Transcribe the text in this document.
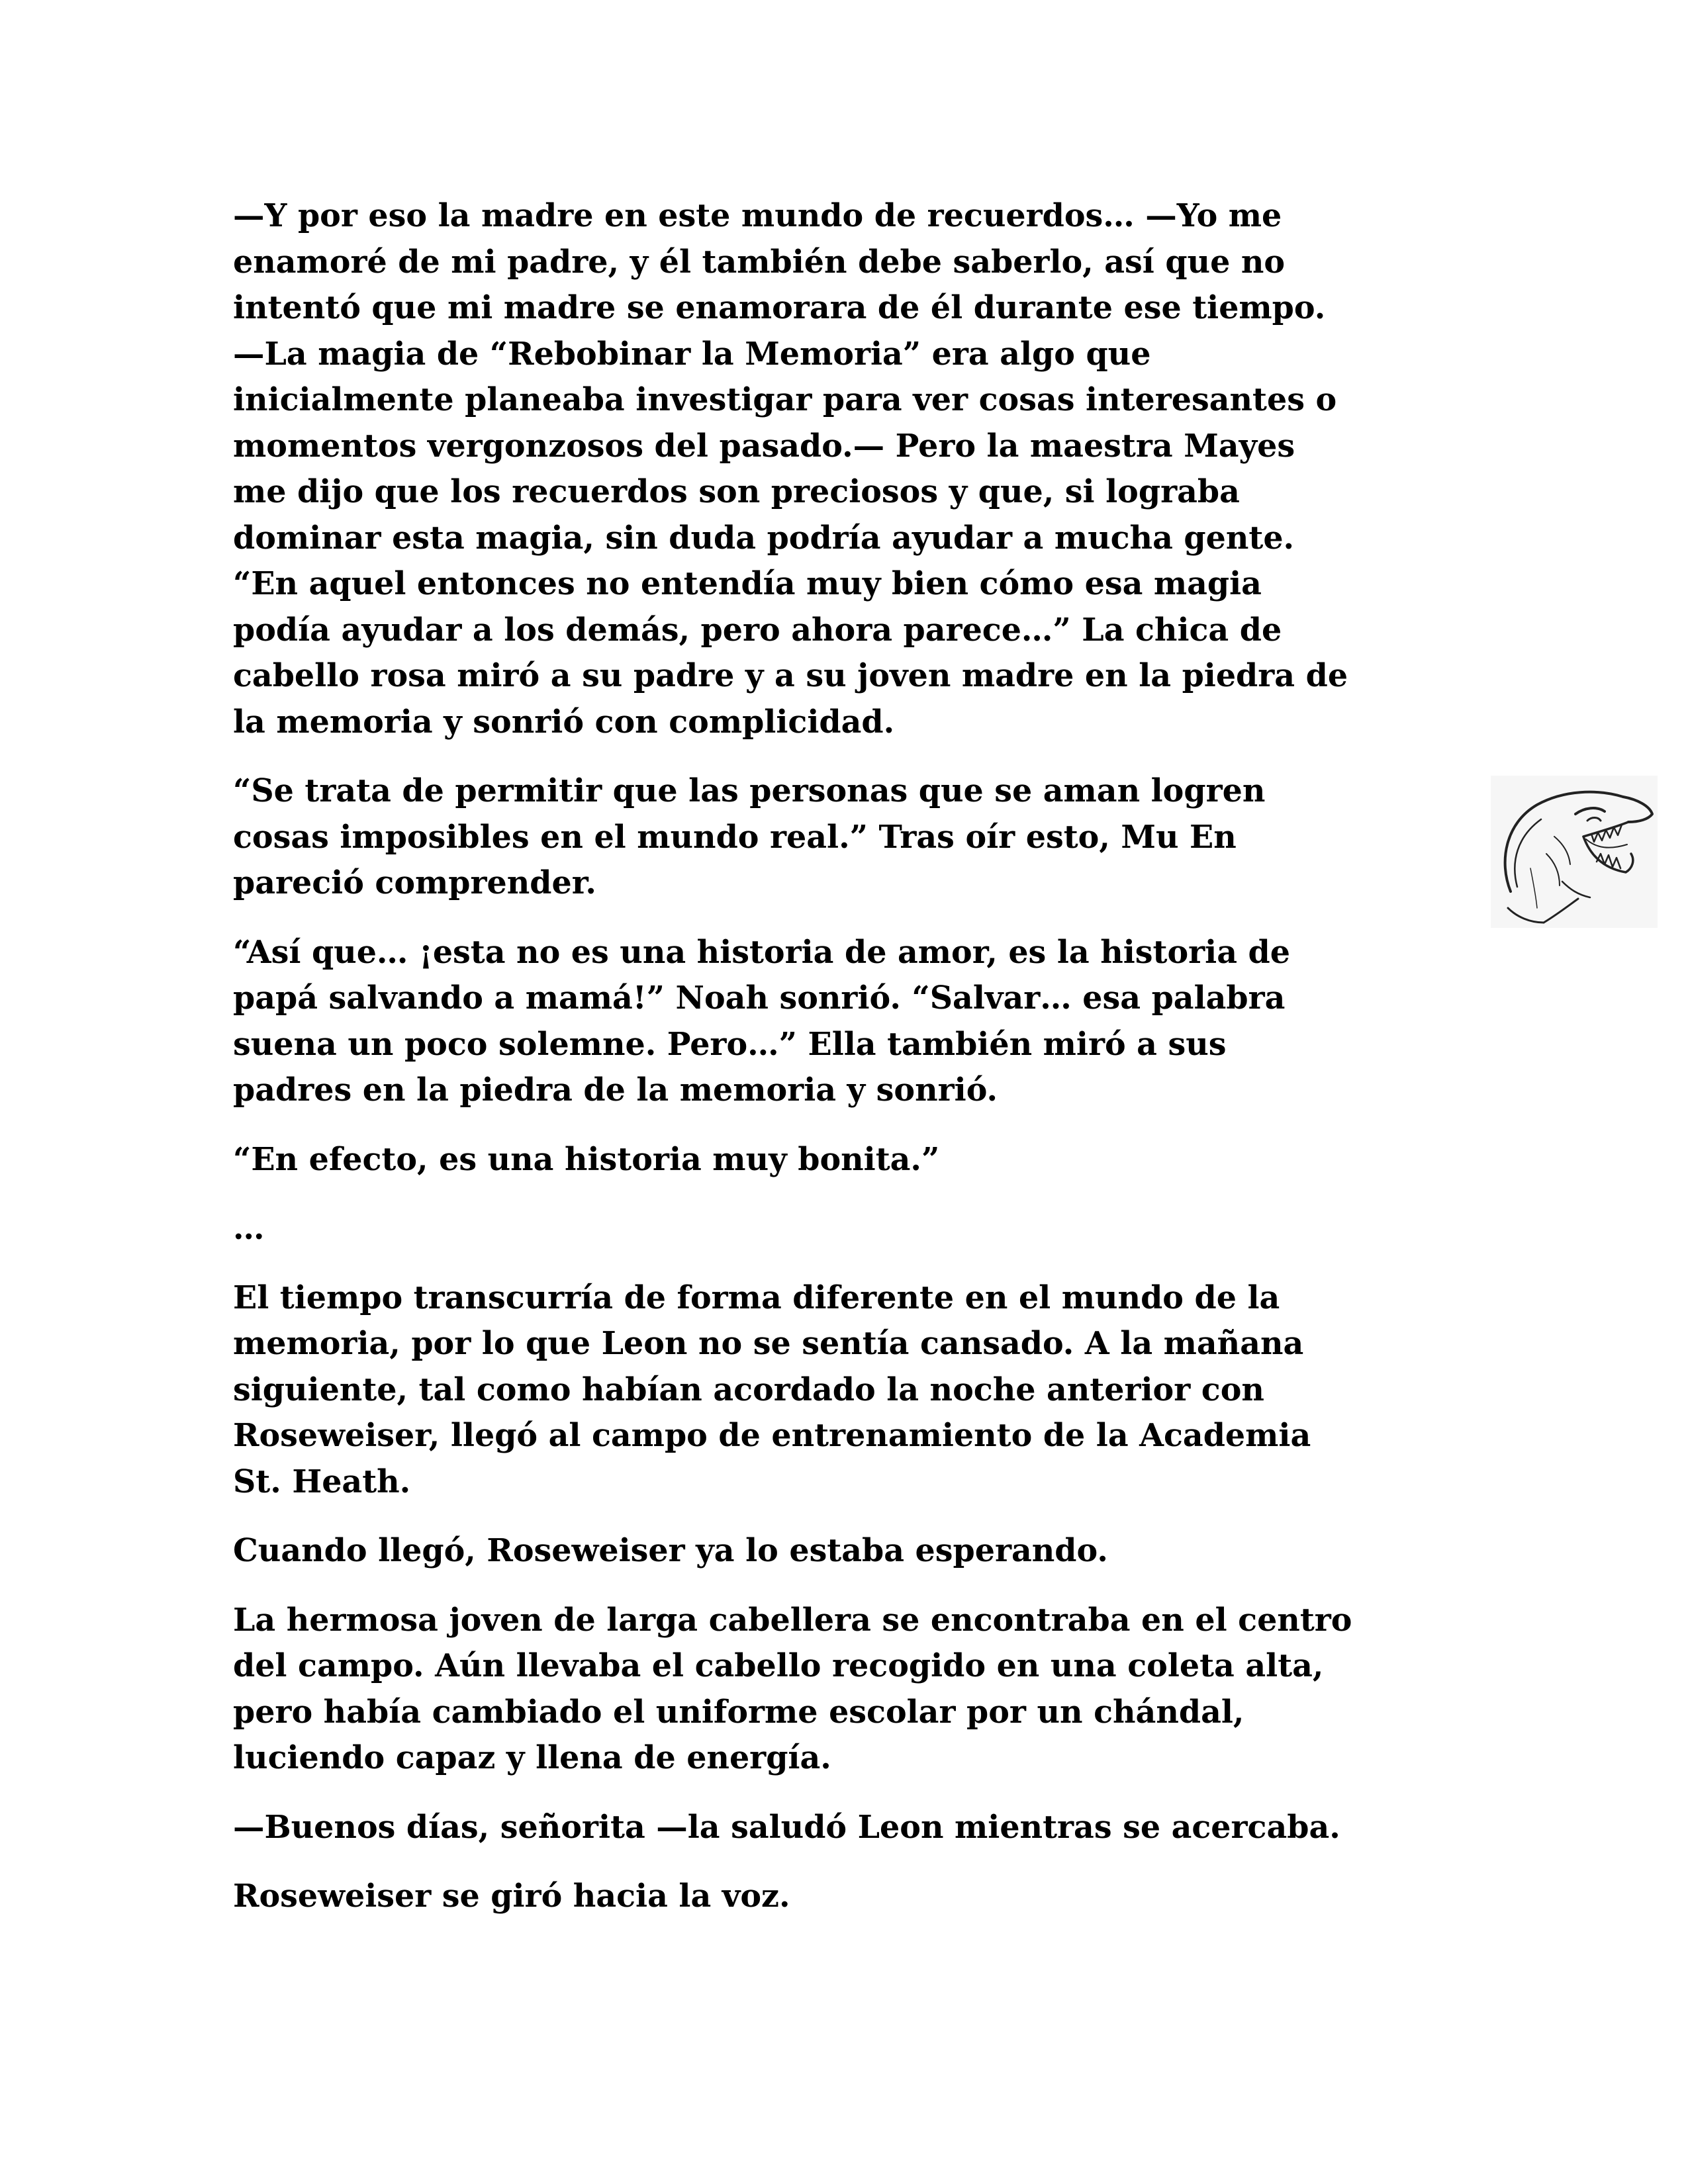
—Y por eso la madre en este mundo de recuerdos… —Yo me
enamoré de mi padre, y él también debe saberlo, así que no
intentó que mi madre se enamorara de él durante ese tiempo.
—La magia de “Rebobinar la Memoria” era algo que
inicialmente planeaba investigar para ver cosas interesantes o
momentos vergonzosos del pasado.— Pero la maestra Mayes
me dijo que los recuerdos son preciosos y que, si lograba
dominar esta magia, sin duda podría ayudar a mucha gente.
“En aquel entonces no entendía muy bien cómo esa magia
podía ayudar a los demás, pero ahora parece…” La chica de
cabello rosa miró a su padre y a su joven madre en la piedra de
la memoria y sonrió con complicidad.

“Se trata de permitir que las personas que se aman logren
cosas imposibles en el mundo real.” Tras oír esto, Mu En
pareció comprender.

“Así que… ¡esta no es una historia de amor, es la historia de
papá salvando a mamá!” Noah sonrió. “Salvar… esa palabra
suena un poco solemne. Pero…” Ella también miró a sus
padres en la piedra de la memoria y sonrió.

“En efecto, es una historia muy bonita.”

…

El tiempo transcurría de forma diferente en el mundo de la
memoria, por lo que Leon no se sentía cansado. A la mañana
siguiente, tal como habían acordado la noche anterior con
Roseweiser, llegó al campo de entrenamiento de la Academia
St. Heath.

Cuando llegó, Roseweiser ya lo estaba esperando.

La hermosa joven de larga cabellera se encontraba en el centro
del campo. Aún llevaba el cabello recogido en una coleta alta,
pero había cambiado el uniforme escolar por un chándal,
luciendo capaz y llena de energía.

—Buenos días, señorita —la saludó Leon mientras se acercaba.

Roseweiser se giró hacia la voz.
